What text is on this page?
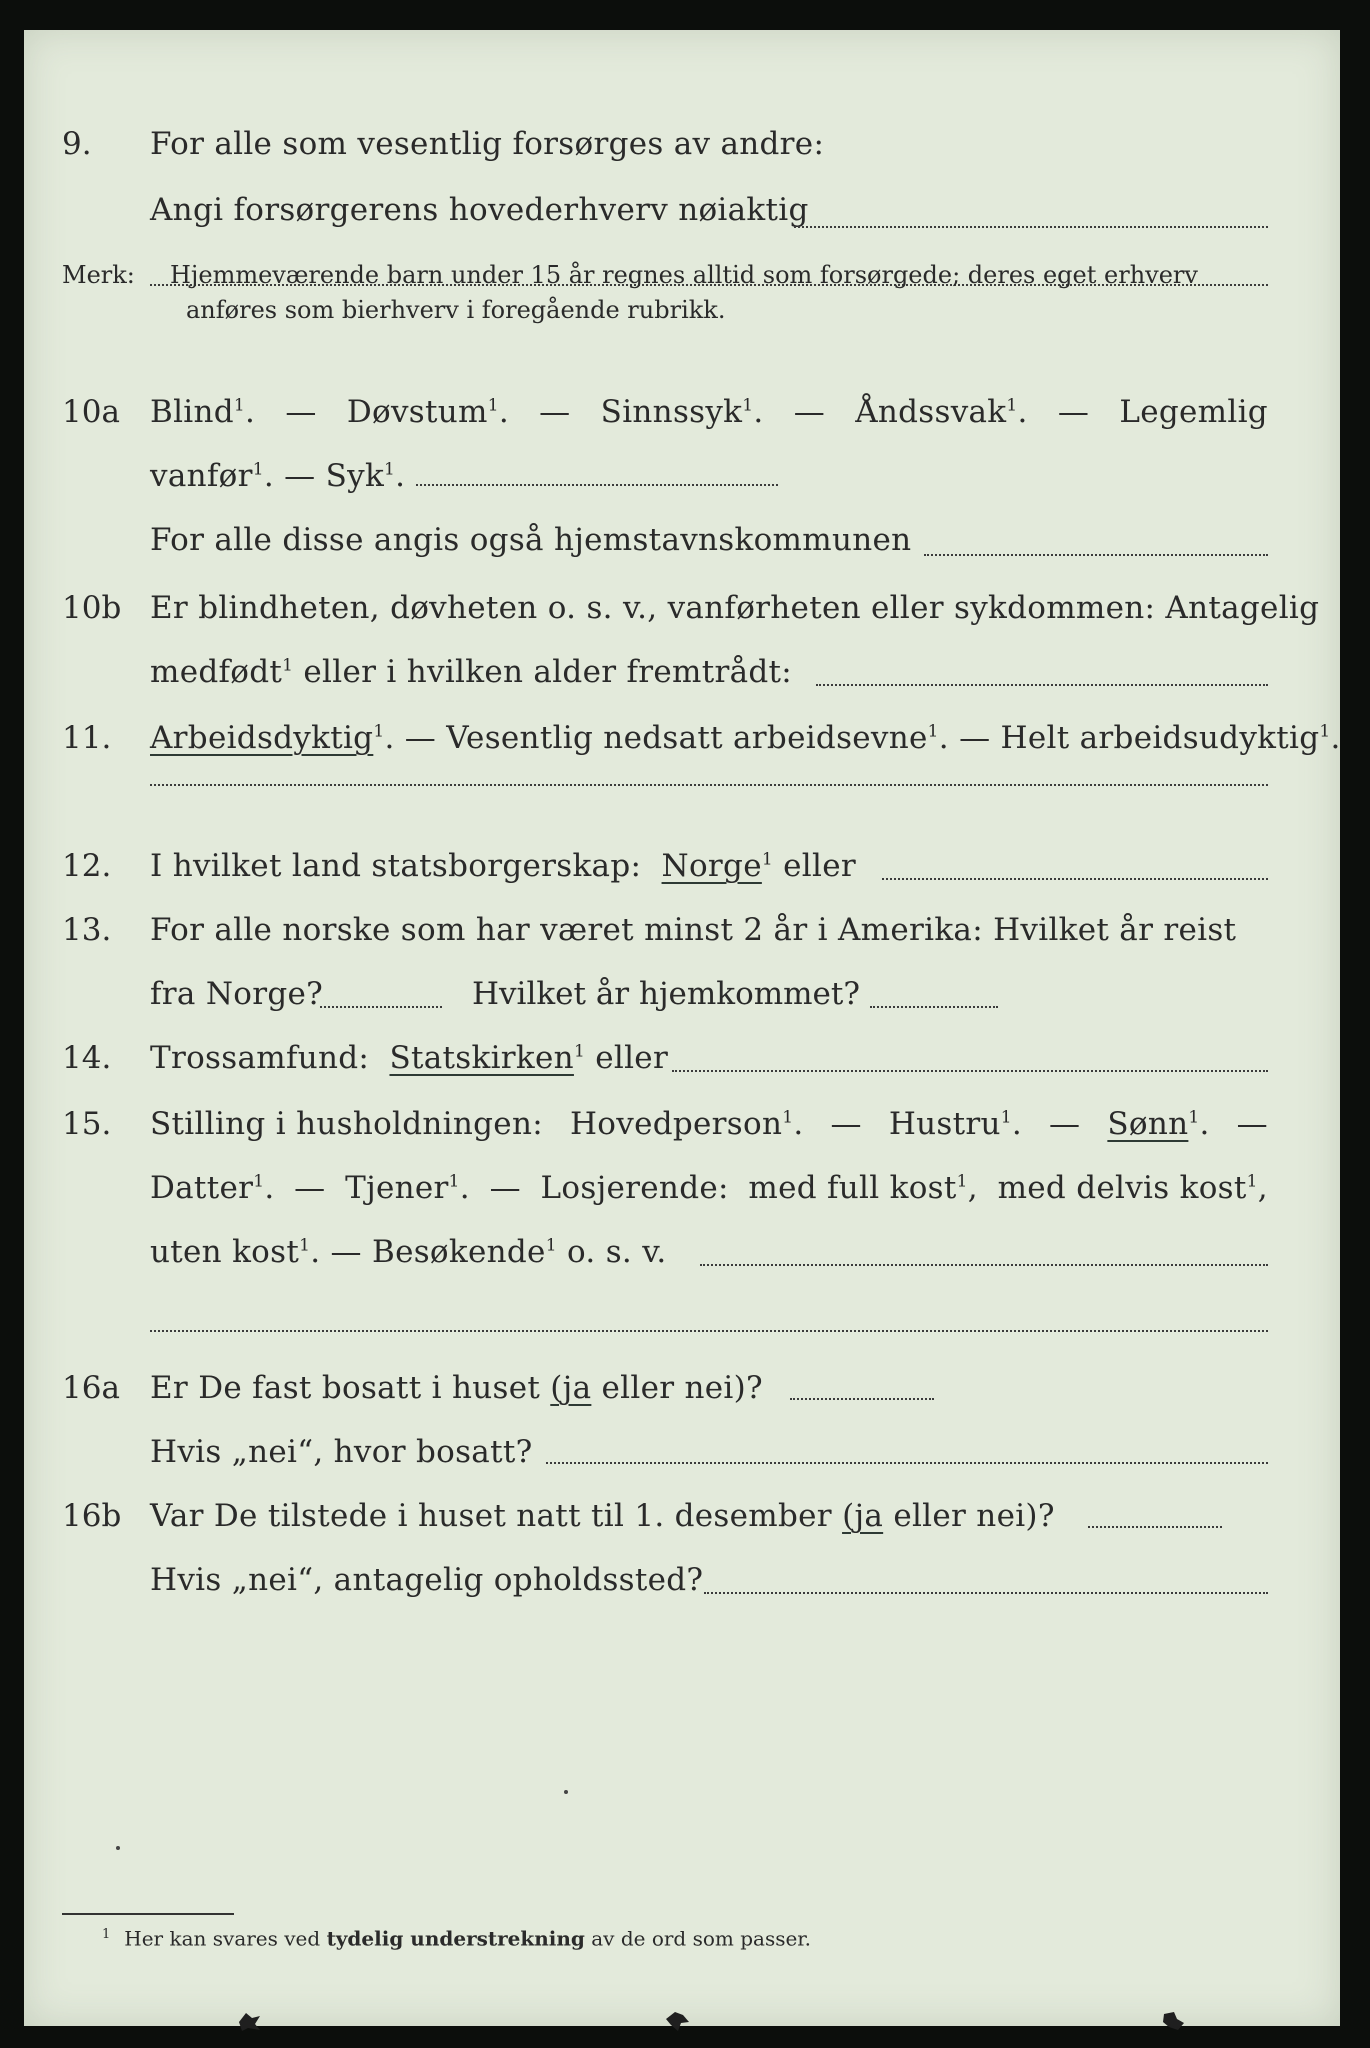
9. For alle som vesentlig forsørges av andre:
Angi forsørgerens hovederhverv nøiaktig
Merk: Hjemmeværende barn under 15 år regnes alltid som forsørgede; deres eget erhverv
anføres som bierhverv i foregående rubrikk.
10a Blind$^1$. — Døvstum$^1$. — Sinnssyk$^1$. — Åndssvak$^1$. — Legemlig
vanfør$^1$. — Syk$^1$.
For alle disse angis også hjemstavnskommunen
10b Er blindheten, døvheten o. s. v., vanførheten eller sykdommen: Antagelig
medfødt$^1$ eller i hvilken alder fremtrådt:
11. Arbeidsdyktig$^1$. — Vesentlig nedsatt arbeidsevne$^1$. — Helt arbeidsudyktig$^1$.
12. I hvilket land statsborgerskap: Norge$^1$ eller
13. For alle norske som har været minst 2 år i Amerika: Hvilket år reist
fra Norge?	Hvilket år hjemkommet?
14. Trossamfund: Statskirken$^1$ eller
15. Stilling i husholdningen: Hovedperson$^1$. — Hustru$^1$. — Sønn$^1$. —
Datter$^1$. — Tjener$^1$. — Losjerende: med full kost$^1$, med delvis kost$^1$,
uten kost$^1$. — Besøkende$^1$ o. s. v.
16a Er De fast bosatt i huset (ja eller nei)?
Hvis „nei“, hvor bosatt?
16b Var De tilstede i huset natt til 1. desember (ja eller nei)?
Hvis „nei“, antagelig opholdssted?
$^1$ Her kan svares ved tydelig understrekning av de ord som passer.
